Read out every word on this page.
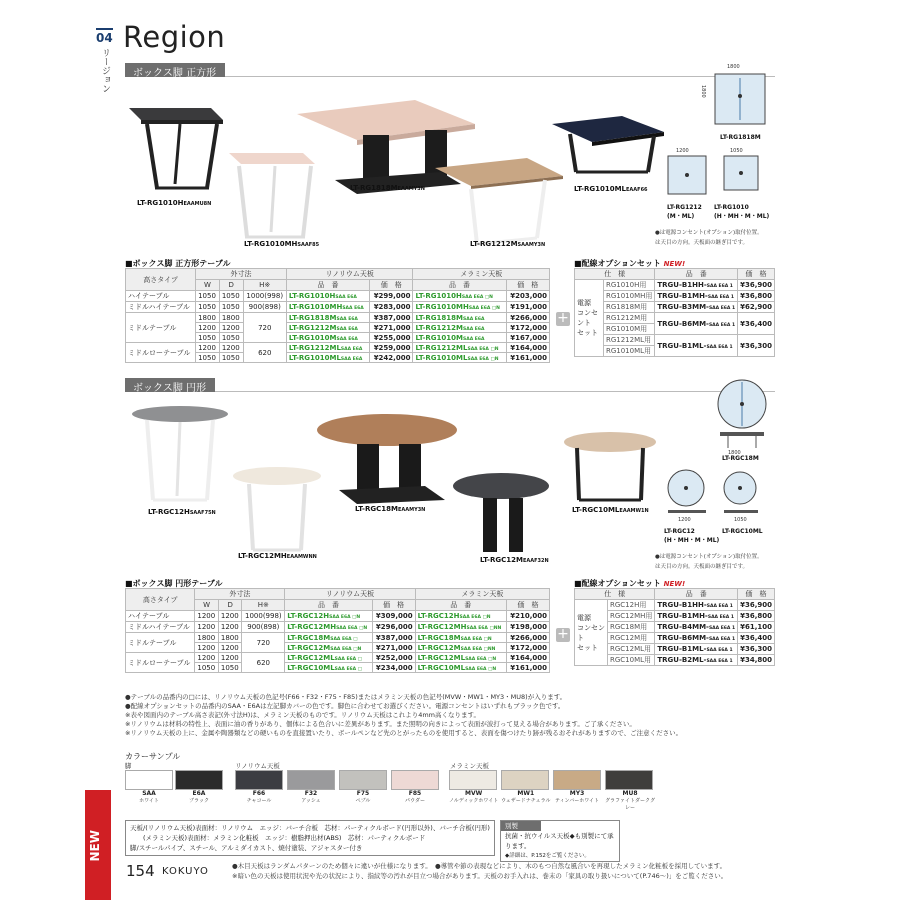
04
リージョン
Region
ボックス脚 正方形
LT-RG1010HEAAMU8N
LT-RG1010MHSAAF85
LT-RG1818MEAAMY3N
LT-RG1212MSAAMY3N
LT-RG1010MLEAAF66
1800
1800
LT-RG1818M
1200	1050
LT-RG1212
(M・ML)
LT-RG1010
(H・MH・M・ML)
●は電源コンセント(オプション)取付位置。
は天目の方向。天板面の継ぎ目です。
■ボックス脚 正方形テーブル
高さタイプ	外寸法			リノリウム天板		メラミン天板	
	W	D	H※	品　番	価　格	品　番	価　格
ハイテーブル	1050	1050	1000(998)	LT-RG1010HSAA E6A	¥299,000	LT-RG1010HSAA E6A □N	¥203,000
ミドルハイテーブル	1050	1050	900(898)	LT-RG1010MHSAA E6A	¥283,000	LT-RG1010MHSAA E6A □N	¥191,000
ミドルテーブル	1800	1800	720	LT-RG1818MSAA E6A	¥387,000	LT-RG1818MSAA E6A	¥266,000
	1200	1200		LT-RG1212MSAA E6A	¥271,000	LT-RG1212MSAA E6A	¥172,000
	1050	1050		LT-RG1010MSAA E6A	¥255,000	LT-RG1010MSAA E6A	¥167,000
ミドルローテーブル	1200	1200	620	LT-RG1212MLSAA E6A	¥259,000	LT-RG1212MLSAA E6A □N	¥164,000
	1050	1050		LT-RG1010MLSAA E6A	¥242,000	LT-RG1010MLSAA E6A □N	¥161,000
+
■配線オプションセット NEW!
仕　様		品　番	価　格
電源
コンセント
セット	RG1010H用	TRGU-B1HH-SAA E6A 1	¥36,900
	RG1010MH用	TRGU-B1MH-SAA E6A 1	¥36,800
	RG1818M用	TRGU-B3MM-SAA E6A 1	¥62,900
	RG1212M用	TRGU-B6MM-SAA E6A 1	¥36,400
	RG1010M用		
	RG1212ML用	TRGU-B1ML-SAA E6A 1	¥36,300
	RG1010ML用		
ボックス脚 円形
LT-RGC12HSAAF75N
LT-RGC12MHEAAMWNN
LT-RGC18MEAAMY3N
LT-RGC12MEAAF32N
LT-RGC10MLEAAMW1N
1800
LT-RGC18M
1200	1050
LT-RGC12
(H・MH・M・ML)
LT-RGC10ML
●は電源コンセント(オプション)取付位置。
は天目の方向。天板面の継ぎ目です。
■ボックス脚 円形テーブル
高さタイプ	外寸法			リノリウム天板		メラミン天板	
	W	D	H※	品　番	価　格	品　番	価　格
ハイテーブル	1200	1200	1000(998)	LT-RGC12HSAA E6A □N	¥309,000	LT-RGC12HSAA E6A □N	¥210,000
ミドルハイテーブル	1200	1200	900(898)	LT-RGC12MHSAA E6A □N	¥296,000	LT-RGC12MHSAA E6A □NN	¥198,000
ミドルテーブル	1800	1800	720	LT-RGC18MSAA E6A □	¥387,000	LT-RGC18MSAA E6A □N	¥266,000
	1200	1200		LT-RGC12MSAA E6A □N	¥271,000	LT-RGC12MSAA E6A □NN	¥172,000
ミドルローテーブル	1200	1200	620	LT-RGC12MLSAA E6A □	¥252,000	LT-RGC12MLSAA E6A □N	¥164,000
	1050	1050		LT-RGC10MLSAA E6A □	¥234,000	LT-RGC10MLSAA E6A □N	¥161,000
+
■配線オプションセット NEW!
仕　様		品　番	価　格
電源
コンセント
セット	RGC12H用	TRGU-B1HH-SAA E6A 1	¥36,900
	RGC12MH用	TRGU-B1MH-SAA E6A 1	¥36,800
	RGC18M用	TRGU-B4MM-SAA E6A 1	¥61,100
	RGC12M用	TRGU-B6MM-SAA E6A 1	¥36,400
	RGC12ML用	TRGU-B1ML-SAA E6A 1	¥36,300
	RGC10ML用	TRGU-B2ML-SAA E6A 1	¥34,800
●テーブルの品番内の□には、リノリウム天板の色記号(F66・F32・F75・F85)またはメラミン天板の色記号(MVW・MW1・MY3・MU8)が入ります。
●配線オプションセットの品番内のSAA・E6Aは左記脚カバーの色です。脚色に合わせてお選びください。電源コンセントはいずれもブラック色です。
※表や図面内のテーブル高さ表記(外寸法H)は、メラミン天板のものです。リノリウム天板はこれより4mm高くなります。
※リノリウムは材料の特性上、表面に油の香りがあり、個体による色合いに差異があります。また照明の向きによって表面が波打って見える場合があります。ご了承ください。
※リノリウム天板の上に、金属や陶器類などの硬いものを直接置いたり、ボールペンなど先のとがったものを使用すると、表面を傷つけたり跡が残るおそれがありますので、ご注意ください。
カラーサンプル
脚	リノリウム天板	メラミン天板
SAA
ホワイト
E6A
ブラック
F66
チャコール
F32
アッシュ
F75
ペブル
F85
パウダー
MVW
ノルディックホワイト
MW1
ウェザードナチュラル
MY3
ティンバーホワイト
MU8
グラファイトダークグレー
天板/(リノリウム天板)表面材：リノリウム　エッジ：バーチ合板　芯材：パーティクルボード(円形以外)、バーチ合板(円形)
　　(メラミン天板)表面材：メラミン化粧板　エッジ：樹脂押出材(ABS)　芯材：パーティクルボード
脚/スチールパイプ、スチール、アルミダイカスト、焼付塗装、アジャスター付き
別製
抗菌・抗ウイルス天板◆も別製にて承ります。
◆詳細は、P.152をご覧ください。
●木目天板はランダムパターンのため個々に違いが仕様になります。　●導管や節の表現などにより、木のもつ自然な風合いを再現したメラミン化粧板を採用しています。
※暗い色の天板は使用状況や光の状況により、指紋等の汚れが目立つ場合があります。天板のお手入れは、巻末の「家具の取り扱いについて(P.746～)」をご覧ください。
NEW
154 KOKUYO
